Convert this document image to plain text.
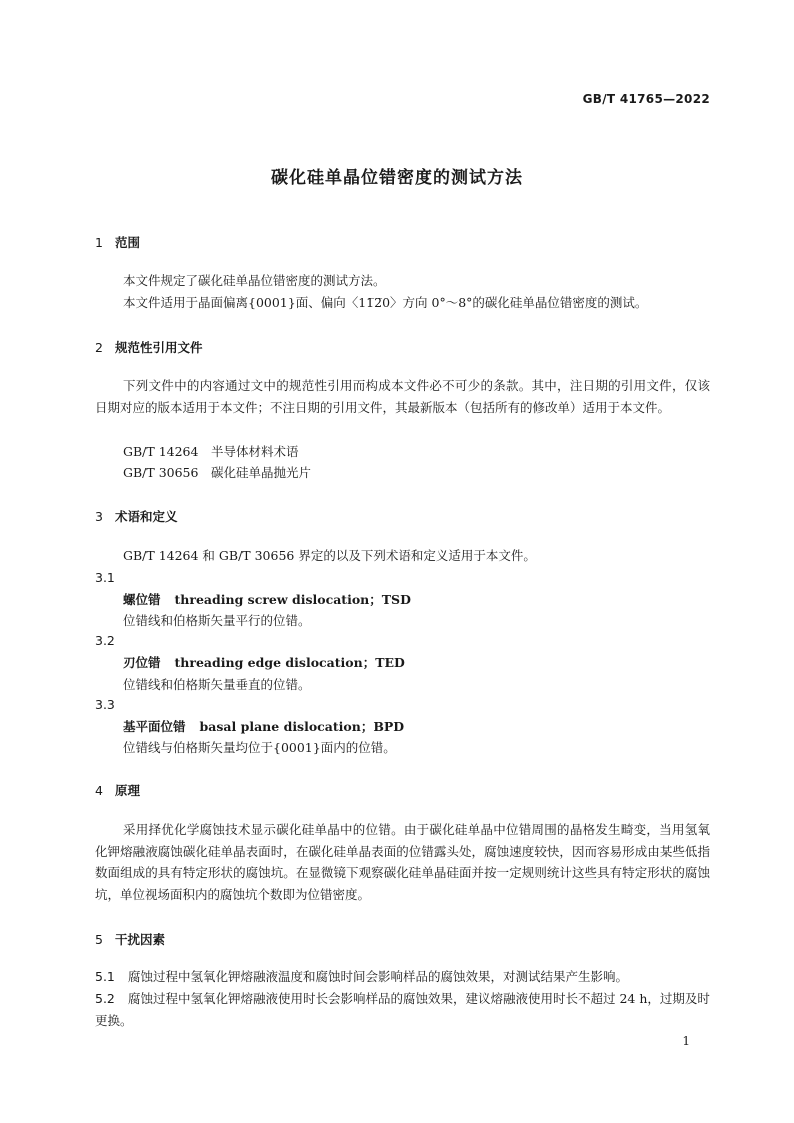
GB/T 41765—2022
碳化硅单晶位错密度的测试方法
1 范围
本文件规定了碳化硅单晶位错密度的测试方法。
本文件适用于晶面偏离{0001}面、偏向〈11̅2̅0〉方向 0°～8°的碳化硅单晶位错密度的测试。
2 规范性引用文件
下列文件中的内容通过文中的规范性引用而构成本文件必不可少的条款。其中，注日期的引用文件，仅该日期对应的版本适用于本文件；不注日期的引用文件，其最新版本（包括所有的修改单）适用于本文件。
GB/T 14264 半导体材料术语
GB/T 30656 碳化硅单晶抛光片
3 术语和定义
GB/T 14264 和 GB/T 30656 界定的以及下列术语和定义适用于本文件。
3.1
螺位错 threading screw dislocation；TSD
位错线和伯格斯矢量平行的位错。
3.2
刃位错 threading edge dislocation；TED
位错线和伯格斯矢量垂直的位错。
3.3
基平面位错 basal plane dislocation；BPD
位错线与伯格斯矢量均位于{0001}面内的位错。
4 原理
采用择优化学腐蚀技术显示碳化硅单晶中的位错。由于碳化硅单晶中位错周围的晶格发生畸变，当用氢氧化钾熔融液腐蚀碳化硅单晶表面时，在碳化硅单晶表面的位错露头处，腐蚀速度较快，因而容易形成由某些低指数面组成的具有特定形状的腐蚀坑。在显微镜下观察碳化硅单晶硅面并按一定规则统计这些具有特定形状的腐蚀坑，单位视场面积内的腐蚀坑个数即为位错密度。
5 干扰因素
5.1 腐蚀过程中氢氧化钾熔融液温度和腐蚀时间会影响样品的腐蚀效果，对测试结果产生影响。
5.2 腐蚀过程中氢氧化钾熔融液使用时长会影响样品的腐蚀效果，建议熔融液使用时长不超过 24 h，过期及时更换。
1
